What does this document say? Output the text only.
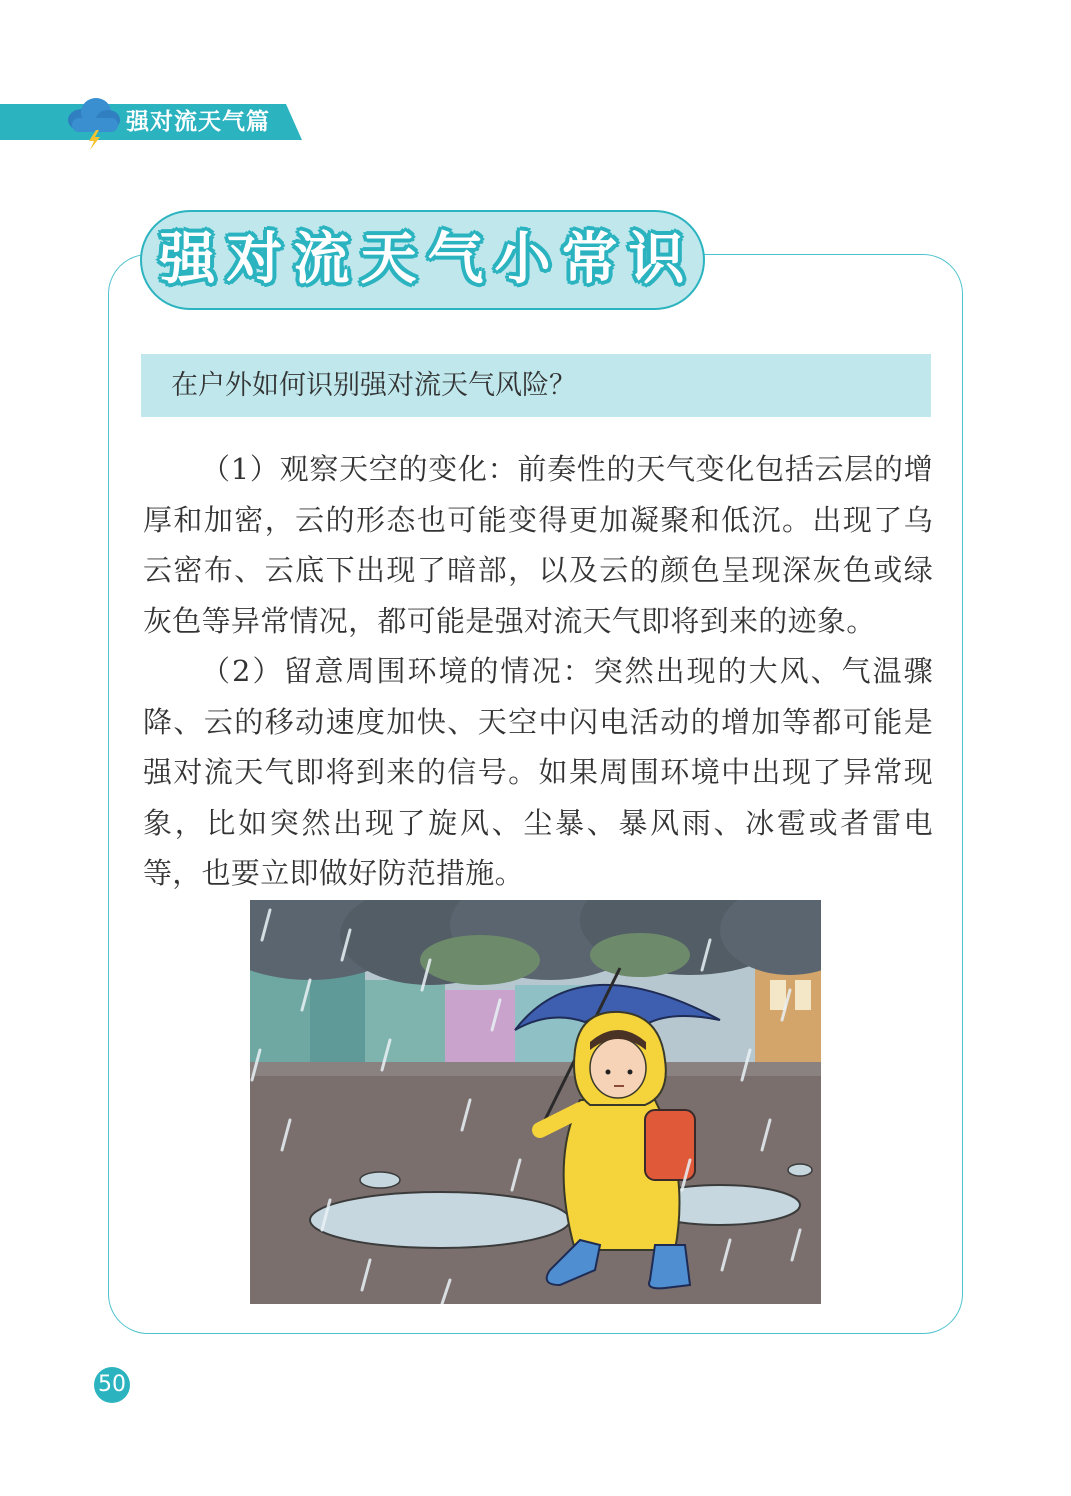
强对流天气篇
强 对 流 天 气 小 常 识
在户外如何识别强对流天气风险？

（1）观察天空的变化：前奏性的天气变化包括云层的增厚和加密，云的形态也可能变得更加凝聚和低沉。出现了乌云密布、云底下出现了暗部，以及云的颜色呈现深灰色或绿灰色等异常情况，都可能是强对流天气即将到来的迹象。

（2）留意周围环境的情况：突然出现的大风、气温骤降、云的移动速度加快、天空中闪电活动的增加等都可能是强对流天气即将到来的信号。如果周围环境中出现了异常现象，比如突然出现了旋风、尘暴、暴风雨、冰雹或者雷电等，也要立即做好防范措施。

50
